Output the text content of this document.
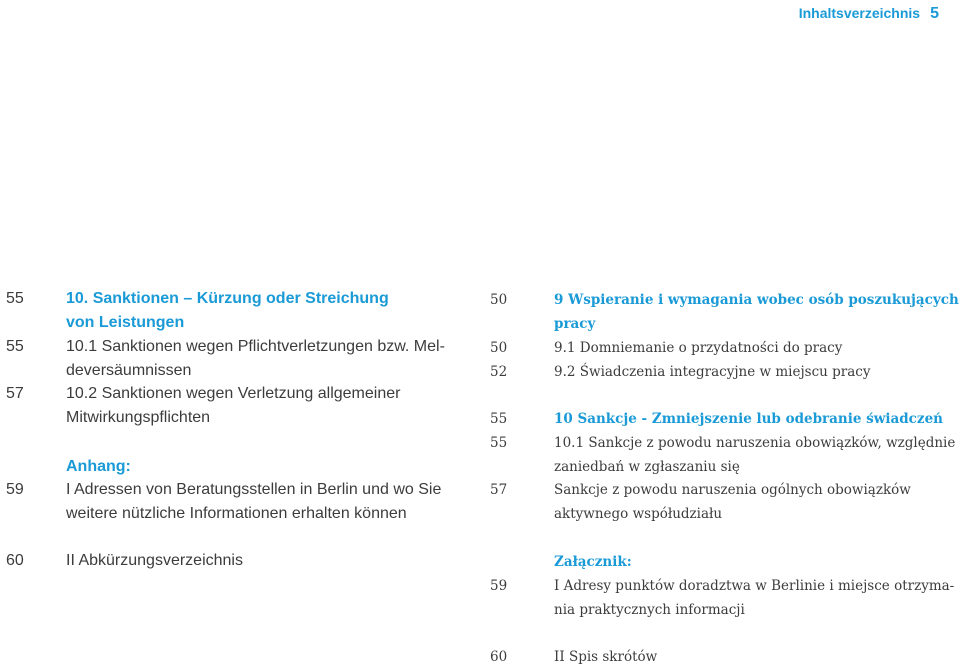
Inhaltsverzeichnis 5
55	10. Sanktionen – Kürzung oder Streichung
von Leistungen
55	10.1 Sanktionen wegen Pflichtverletzungen bzw. Mel-
deversäumnissen
57	10.2 Sanktionen wegen Verletzung allgemeiner
Mitwirkungspflichten
Anhang:
59	I Adressen von Beratungsstellen in Berlin und wo Sie
weitere nützliche Informationen erhalten können
60	II Abkürzungsverzeichnis
50	9 Wspieranie i wymagania wobec osób poszukujących
pracy
50	9.1 Domniemanie o przydatności do pracy
52	9.2 Świadczenia integracyjne w miejscu pracy
55	10 Sankcje - Zmniejszenie lub odebranie świadczeń
55	10.1 Sankcje z powodu naruszenia obowiązków, względnie
zaniedbań w zgłaszaniu się
57	Sankcje z powodu naruszenia ogólnych obowiązków
aktywnego współudziału
Załącznik:
59	I Adresy punktów doradztwa w Berlinie i miejsce otrzyma-
nia praktycznych informacji
60	II Spis skrótów
